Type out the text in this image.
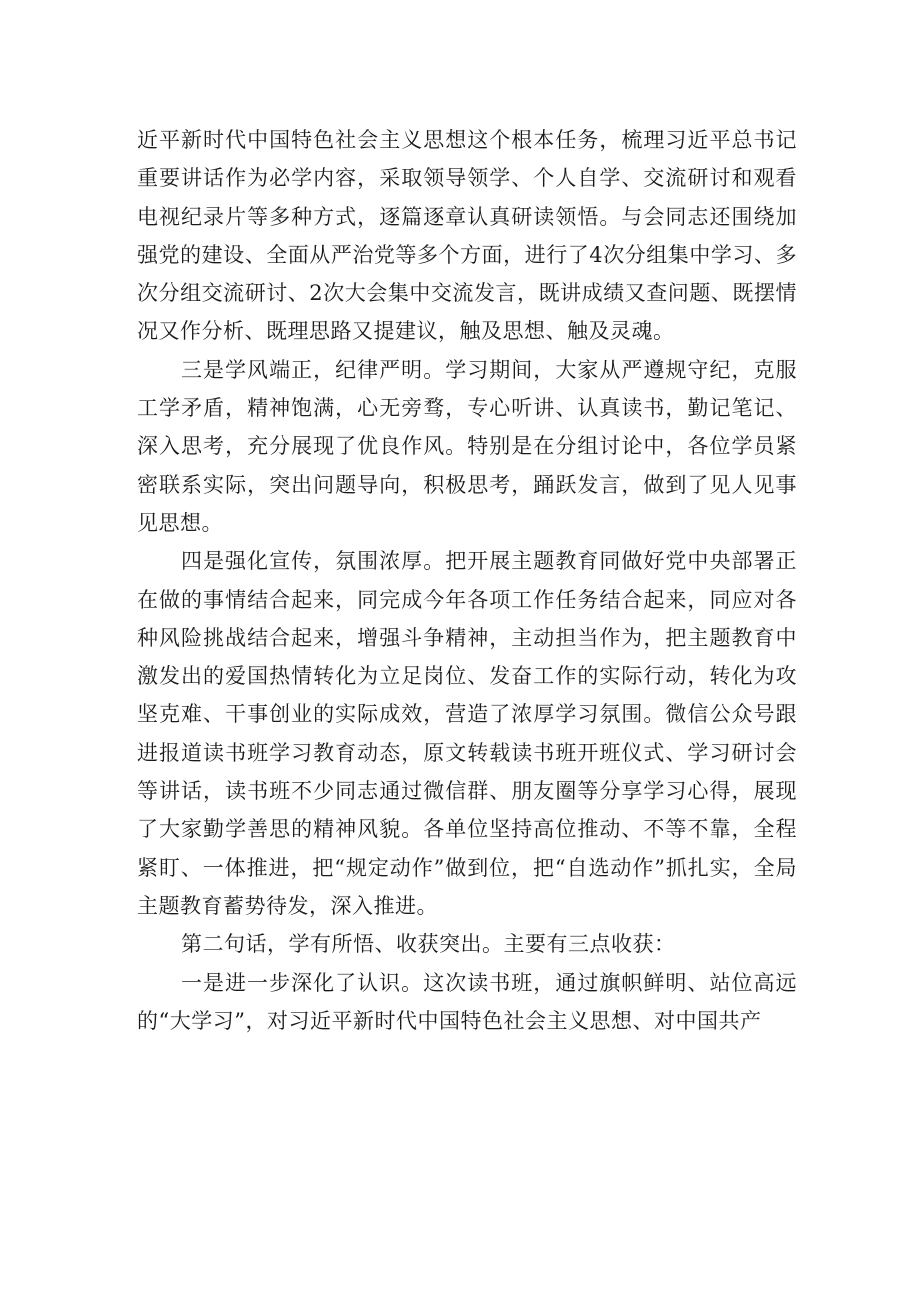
近平新时代中国特色社会主义思想这个根本任务，梳理习近平总书记重要讲话作为必学内容，采取领导领学、个人自学、交流研讨和观看电视纪录片等多种方式，逐篇逐章认真研读领悟。与会同志还围绕加强党的建设、全面从严治党等多个方面，进行了4次分组集中学习、多次分组交流研讨、2次大会集中交流发言，既讲成绩又查问题、既摆情况又作分析、既理思路又提建议，触及思想、触及灵魂。

三是学风端正，纪律严明。学习期间，大家从严遵规守纪，克服工学矛盾，精神饱满，心无旁骛，专心听讲、认真读书，勤记笔记、深入思考，充分展现了优良作风。特别是在分组讨论中，各位学员紧密联系实际，突出问题导向，积极思考，踊跃发言，做到了见人见事见思想。

四是强化宣传，氛围浓厚。把开展主题教育同做好党中央部署正在做的事情结合起来，同完成今年各项工作任务结合起来，同应对各种风险挑战结合起来，增强斗争精神，主动担当作为，把主题教育中激发出的爱国热情转化为立足岗位、发奋工作的实际行动，转化为攻坚克难、干事创业的实际成效，营造了浓厚学习氛围。微信公众号跟进报道读书班学习教育动态，原文转载读书班开班仪式、学习研讨会等讲话，读书班不少同志通过微信群、朋友圈等分享学习心得，展现了大家勤学善思的精神风貌。各单位坚持高位推动、不等不靠，全程紧盯、一体推进，把“规定动作”做到位，把“自选动作”抓扎实，全局主题教育蓄势待发，深入推进。

第二句话，学有所悟、收获突出。主要有三点收获：

一是进一步深化了认识。这次读书班，通过旗帜鲜明、站位高远的“大学习”，对习近平新时代中国特色社会主义思想、对中国共产
